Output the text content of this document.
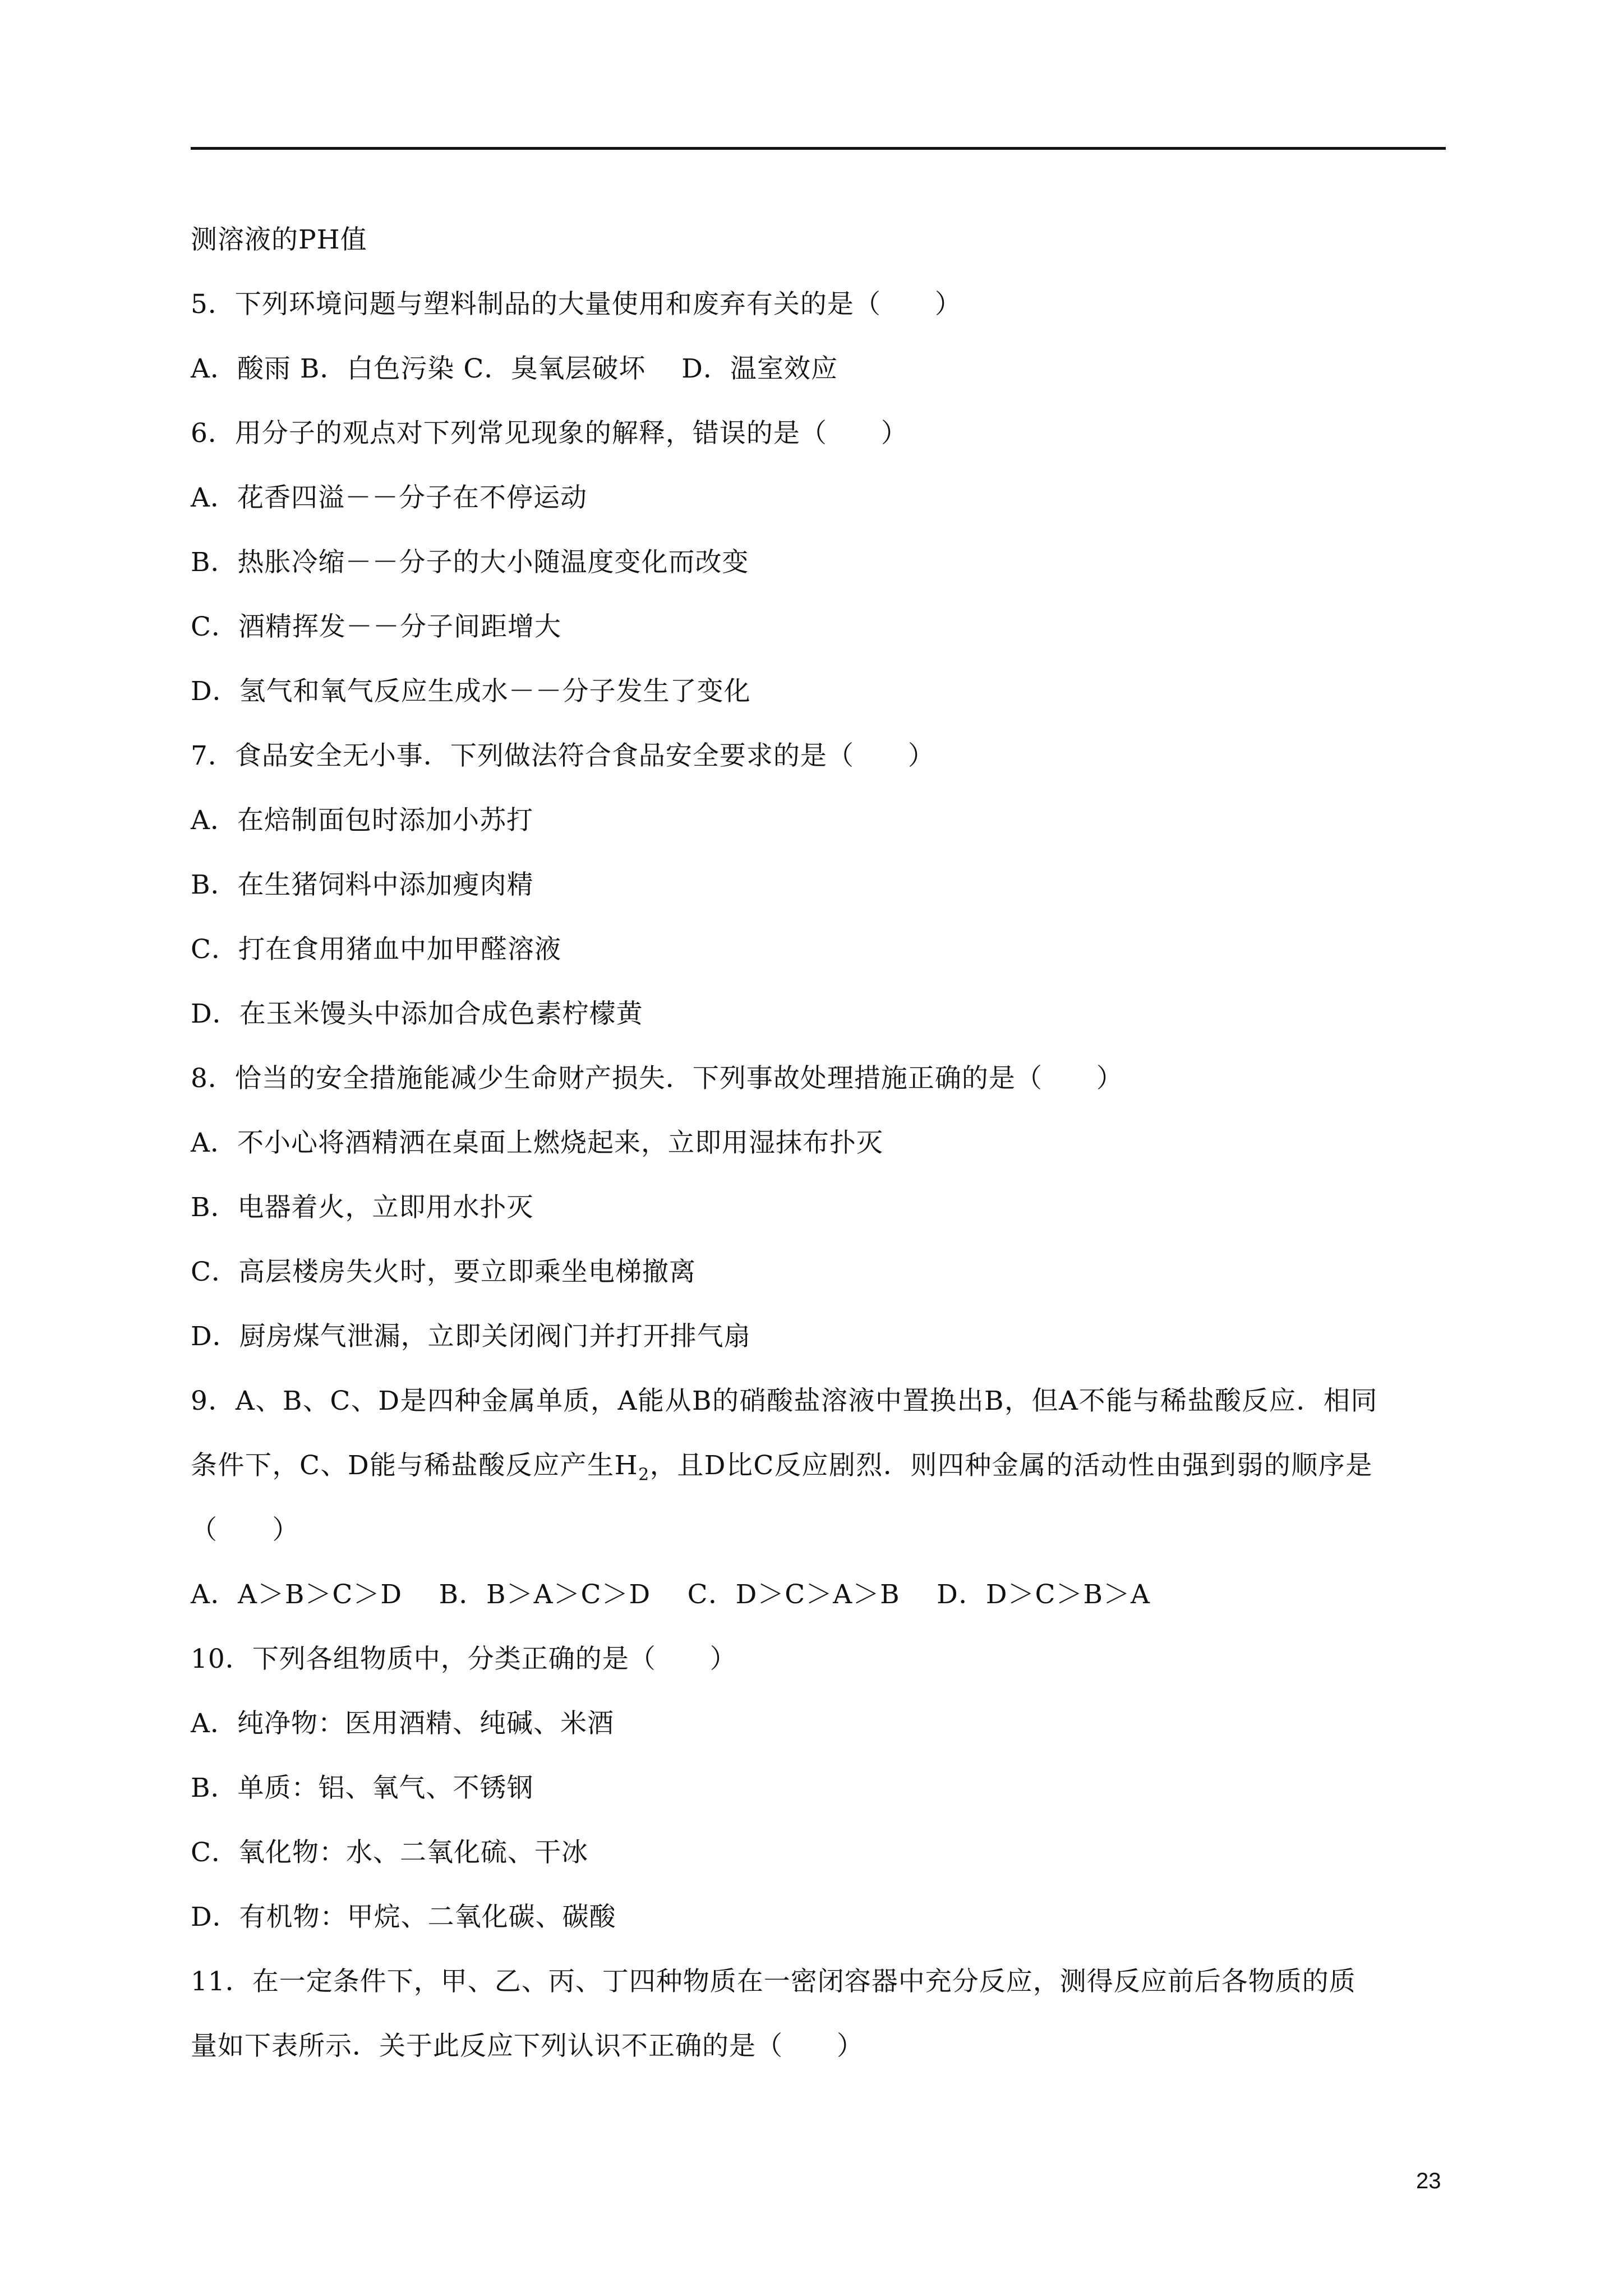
测溶液的PH值
5．下列环境问题与塑料制品的大量使用和废弃有关的是（　　）
A．酸雨 B．白色污染 C．臭氧层破坏　 D．温室效应
6．用分子的观点对下列常见现象的解释，错误的是（　　）
A．花香四溢－－分子在不停运动
B．热胀冷缩－－分子的大小随温度变化而改变
C．酒精挥发－－分子间距增大
D．氢气和氧气反应生成水－－分子发生了变化
7．食品安全无小事．下列做法符合食品安全要求的是（　　）
A．在焙制面包时添加小苏打
B．在生猪饲料中添加瘦肉精
C．打在食用猪血中加甲醛溶液
D．在玉米馒头中添加合成色素柠檬黄
8．恰当的安全措施能减少生命财产损失．下列事故处理措施正确的是（　　）
A．不小心将酒精洒在桌面上燃烧起来，立即用湿抹布扑灭
B．电器着火，立即用水扑灭
C．高层楼房失火时，要立即乘坐电梯撤离
D．厨房煤气泄漏，立即关闭阀门并打开排气扇
9．A、B、C、D是四种金属单质，A能从B的硝酸盐溶液中置换出B，但A不能与稀盐酸反应．相同
条件下，C、D能与稀盐酸反应产生$H_2$，且D比C反应剧烈．则四种金属的活动性由强到弱的顺序是
（　　）
A．A＞B＞C＞D　 B．B＞A＞C＞D　 C．D＞C＞A＞B　 D．D＞C＞B＞A
10．下列各组物质中，分类正确的是（　　）
A．纯净物：医用酒精、纯碱、米酒
B．单质：铝、氧气、不锈钢
C．氧化物：水、二氧化硫、干冰
D．有机物：甲烷、二氧化碳、碳酸
11．在一定条件下，甲、乙、丙、丁四种物质在一密闭容器中充分反应，测得反应前后各物质的质
量如下表所示．关于此反应下列认识不正确的是（　　）
23
